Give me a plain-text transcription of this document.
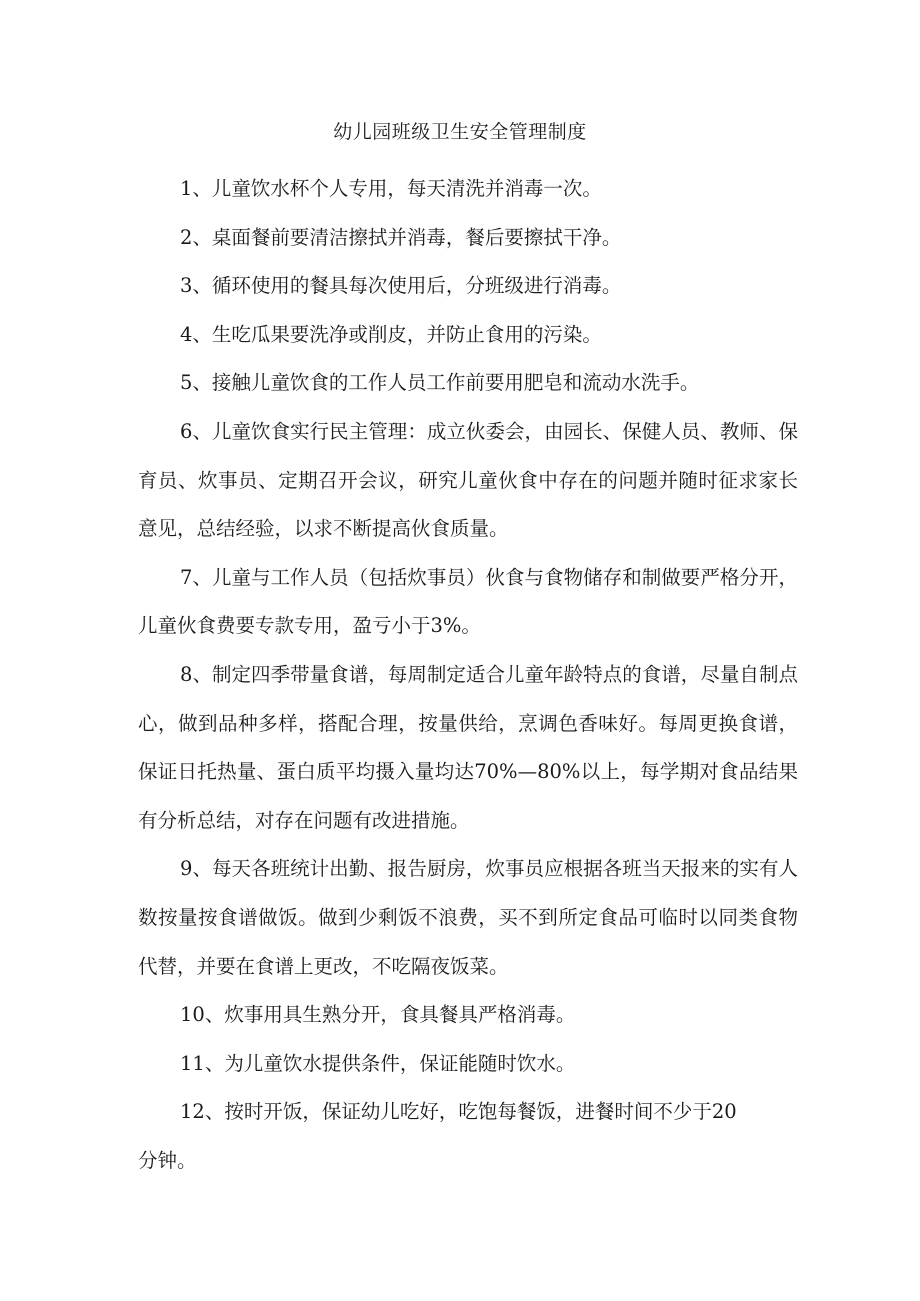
幼儿园班级卫生安全管理制度

1、儿童饮水杯个人专用，每天清洗并消毒一次。

2、桌面餐前要清洁擦拭并消毒，餐后要擦拭干净。

3、循环使用的餐具每次使用后，分班级进行消毒。

4、生吃瓜果要洗净或削皮，并防止食用的污染。

5、接触儿童饮食的工作人员工作前要用肥皂和流动水洗手。

6、儿童饮食实行民主管理：成立伙委会，由园长、保健人员、教师、保育员、炊事员、定期召开会议，研究儿童伙食中存在的问题并随时征求家长意见，总结经验，以求不断提高伙食质量。

7、儿童与工作人员（包括炊事员）伙食与食物储存和制做要严格分开，儿童伙食费要专款专用，盈亏小于3%。

8、制定四季带量食谱，每周制定适合儿童年龄特点的食谱，尽量自制点心，做到品种多样，搭配合理，按量供给，烹调色香味好。每周更换食谱，保证日托热量、蛋白质平均摄入量均达70%—80%以上，每学期对食品结果有分析总结，对存在问题有改进措施。

9、每天各班统计出勤、报告厨房，炊事员应根据各班当天报来的实有人数按量按食谱做饭。做到少剩饭不浪费，买不到所定食品可临时以同类食物代替，并要在食谱上更改，不吃隔夜饭菜。

10、炊事用具生熟分开，食具餐具严格消毒。

11、为儿童饮水提供条件，保证能随时饮水。

12、按时开饭，保证幼儿吃好，吃饱每餐饭，进餐时间不少于20

分钟。
